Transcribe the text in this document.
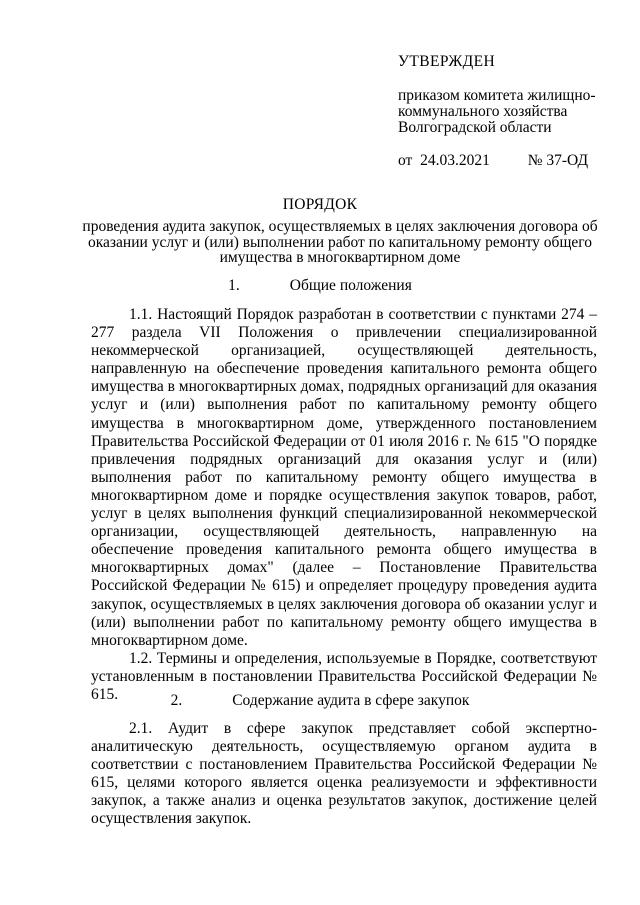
УТВЕРЖДЕН
приказом комитета жилищно-
коммунального хозяйства
Волгоградской области
от 24.03.2021 № 37-ОД
ПОРЯДОК
проведения аудита закупок, осуществляемых в целях заключения договора об оказании услуг и (или) выполнении работ по капитальному ремонту общего имущества в многоквартирном доме
1.	Общие положения

1.1. Настоящий Порядок разработан в соответствии с пунктами 274 – 277 раздела VII Положения о привлечении специализированной некоммерческой организацией, осуществляющей деятельность, направленную на обеспечение проведения капитального ремонта общего имущества в многоквартирных домах, подрядных организаций для оказания услуг и (или) выполнения работ по капитальному ремонту общего имущества в многоквартирном доме, утвержденного постановлением Правительства Российской Федерации от 01 июля 2016 г. № 615 "О порядке привлечения подрядных организаций для оказания услуг и (или) выполнения работ по капитальному ремонту общего имущества в многоквартирном доме и порядке осуществления закупок товаров, работ, услуг в целях выполнения функций специализированной некоммерческой организации, осуществляющей деятельность, направленную на обеспечение проведения капитального ремонта общего имущества в многоквартирных домах" (далее – Постановление Правительства Российской Федерации № 615) и определяет процедуру проведения аудита закупок, осуществляемых в целях заключения договора об оказании услуг и (или) выполнении работ по капитальному ремонту общего имущества в многоквартирном доме.

1.2. Термины и определения, используемые в Порядке, соответствуют установленным в постановлении Правительства Российской Федерации № 615.	2.	Содержание аудита в сфере закупок

2.1. Аудит в сфере закупок представляет собой экспертно-аналитическую деятельность, осуществляемую органом аудита в соответствии с постановлением Правительства Российской Федерации № 615, целями которого является оценка реализуемости и эффективности закупок, а также анализ и оценка результатов закупок, достижение целей осуществления закупок.
